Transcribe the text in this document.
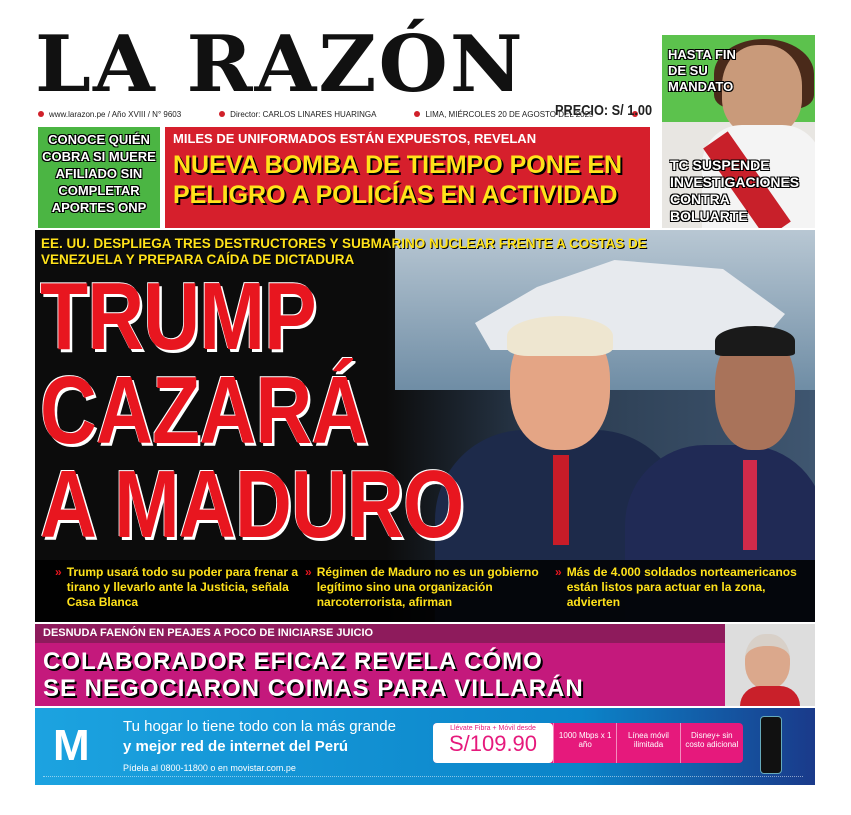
LA RAZÓN
www.larazon.pe / Año XVIII / N° 9603	Director: CARLOS LINARES HUARINGA	LIMA, MIÉRCOLES 20 DE AGOSTO DEL 2025
PRECIO: S/ 1.00
CONOCE QUIÉN COBRA SI MUERE AFILIADO SIN COMPLETAR APORTES ONP
MILES DE UNIFORMADOS ESTÁN EXPUESTOS, REVELAN
NUEVA BOMBA DE TIEMPO PONE EN PELIGRO A POLICÍAS EN ACTIVIDAD
HASTA FIN DE SU MANDATO
TC SUSPENDE INVESTIGACIONES CONTRA BOLUARTE
EE. UU. DESPLIEGA TRES DESTRUCTORES Y SUBMARINO NUCLEAR FRENTE A COSTAS DE VENEZUELA Y PREPARA CAÍDA DE DICTADURA
TRUMP
CAZARÁ
A MADURO
» Trump usará todo su poder para frenar a tirano y llevarlo ante la Justicia, señala Casa Blanca
» Régimen de Maduro no es un gobierno legítimo sino una organización narcoterrorista, afirman
» Más de 4.000 soldados norteamericanos están listos para actuar en la zona, advierten
DESNUDA FAENÓN EN PEAJES A POCO DE INICIARSE JUICIO
COLABORADOR EFICAZ REVELA CÓMO
SE NEGOCIARON COIMAS PARA VILLARÁN
M Tu hogar lo tiene todo con la más grande
y mejor red de internet del Perú
Pídela al 0800-11800 o en movistar.com.pe
Llévate Fibra + Móvil desde
S/109.90	1000 Mbps x 1 año
Línea móvil ilimitada
Disney+ sin costo adicional
